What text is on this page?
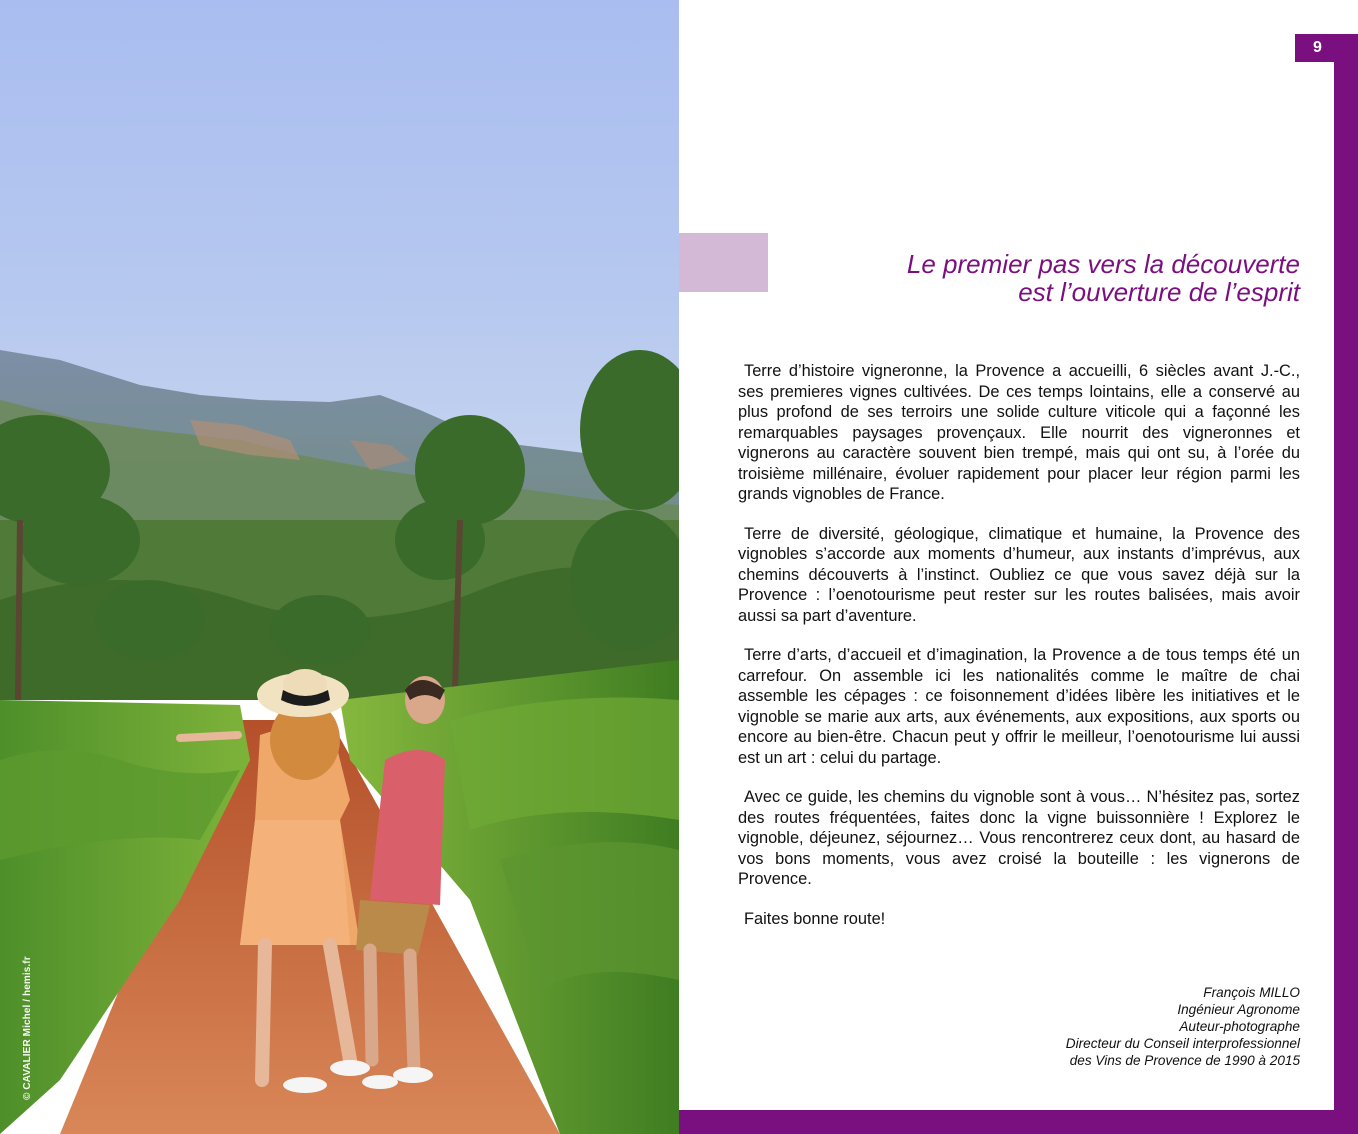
© CAVALIER Michel / hemis.fr
9
Le premier pas vers la découverte
est l’ouverture de l’esprit

Terre d’histoire vigneronne, la Provence a accueilli, 6 siècles avant J.-C., ses premieres vignes cultivées. De ces temps lointains, elle a conservé au plus profond de ses terroirs une solide culture viticole qui a façonné les remarquables paysages provençaux. Elle nourrit des vigneronnes et vignerons au caractère souvent bien trempé, mais qui ont su, à l’orée du troisième millénaire, évoluer rapidement pour placer leur région parmi les grands vignobles de France.

Terre de diversité, géologique, climatique et humaine, la Provence des vignobles s’accorde aux moments d’humeur, aux instants d’imprévus, aux chemins découverts à l’instinct. Oubliez ce que vous savez déjà sur la Provence : l’oenotourisme peut rester sur les routes balisées, mais avoir aussi sa part d’aventure.

Terre d’arts, d’accueil et d’imagination, la Provence a de tous temps été un carrefour. On assemble ici les nationalités comme le maître de chai assemble les cépages : ce foisonnement d’idées libère les initiatives et le vignoble se marie aux arts, aux événements, aux expositions, aux sports ou encore au bien-être. Chacun peut y offrir le meilleur, l’oenotourisme lui aussi est un art : celui du partage.

Avec ce guide, les chemins du vignoble sont à vous… N’hésitez pas, sortez des routes fréquentées, faites donc la vigne buissonnière ! Explorez le vignoble, déjeunez, séjournez… Vous rencontrerez ceux dont, au hasard de vos bons moments, vous avez croisé la bouteille : les vignerons de Provence.

Faites bonne route!

François MILLO
Ingénieur Agronome
Auteur-photographe
Directeur du Conseil interprofessionnel
des Vins de Provence de 1990 à 2015
